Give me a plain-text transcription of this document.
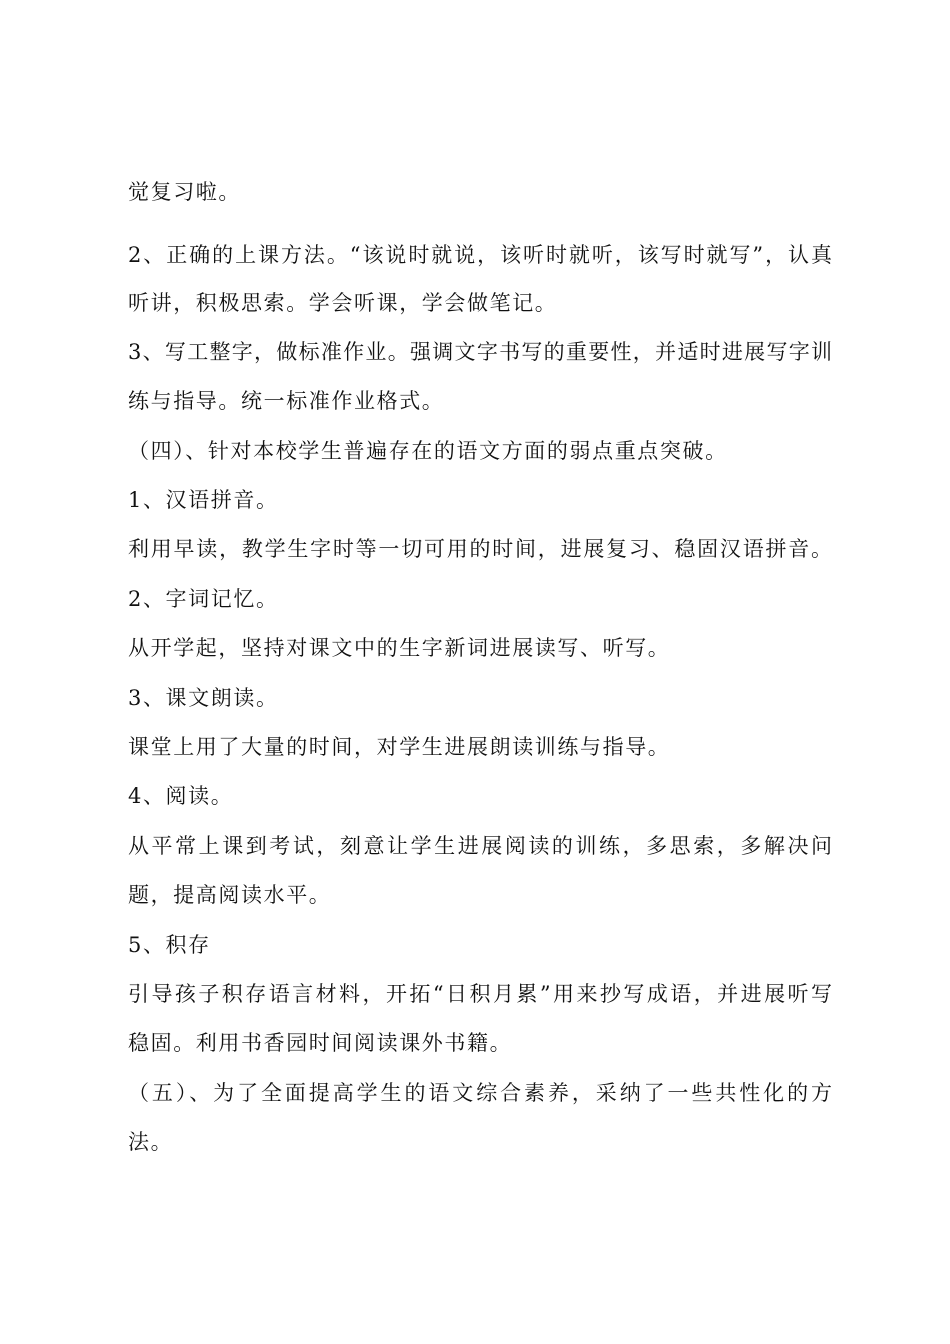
觉复习啦。
2、正确的上课方法。“该说时就说，该听时就听，该写时就写”，认真
听讲，积极思索。学会听课，学会做笔记。
3、写工整字，做标准作业。强调文字书写的重要性，并适时进展写字训
练与指导。统一标准作业格式。
（四）、针对本校学生普遍存在的语文方面的弱点重点突破。
1、汉语拼音。
利用早读，教学生字时等一切可用的时间，进展复习、稳固汉语拼音。
2、字词记忆。
从开学起，坚持对课文中的生字新词进展读写、听写。
3、课文朗读。
课堂上用了大量的时间，对学生进展朗读训练与指导。
4、阅读。
从平常上课到考试，刻意让学生进展阅读的训练，多思索，多解决问
题，提高阅读水平。
5、积存
引导孩子积存语言材料，开拓“日积月累”用来抄写成语，并进展听写
稳固。利用书香园时间阅读课外书籍。
（五）、为了全面提高学生的语文综合素养，采纳了一些共性化的方
法。
